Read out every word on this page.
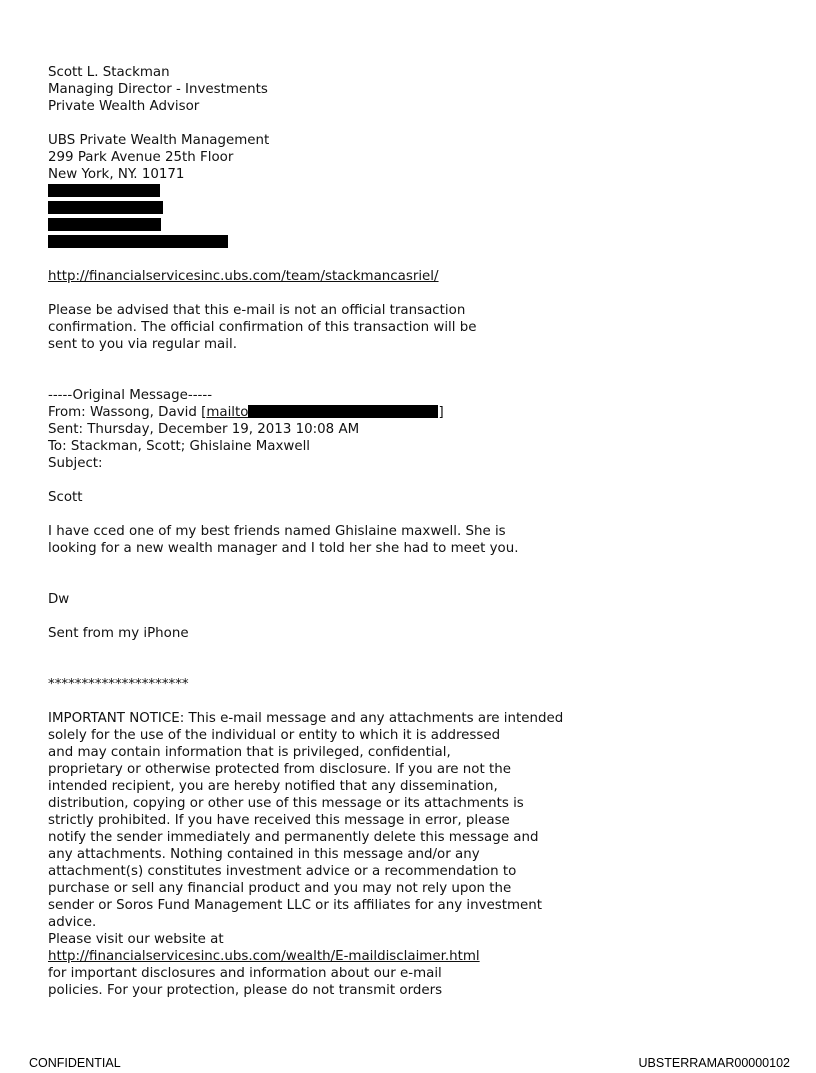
Scott L. Stackman
Managing Director - Investments
Private Wealth Advisor
UBS Private Wealth Management
299 Park Avenue 25th Floor
New York, NY. 10171
http://financialservicesinc.ubs.com/team/stackmancasriel/
Please be advised that this e-mail is not an official transaction
confirmation. The official confirmation of this transaction will be
sent to you via regular mail.
-----Original Message-----
From: Wassong, David [mailto	]
Sent: Thursday, December 19, 2013 10:08 AM
To: Stackman, Scott; Ghislaine Maxwell
Subject:
Scott
I have cced one of my best friends named Ghislaine maxwell. She is
looking for a new wealth manager and I told her she had to meet you.
Dw
Sent from my iPhone
*********************
IMPORTANT NOTICE: This e-mail message and any attachments are intended
solely for the use of the individual or entity to which it is addressed
and may contain information that is privileged, confidential,
proprietary or otherwise protected from disclosure. If you are not the
intended recipient, you are hereby notified that any dissemination,
distribution, copying or other use of this message or its attachments is
strictly prohibited. If you have received this message in error, please
notify the sender immediately and permanently delete this message and
any attachments. Nothing contained in this message and/or any
attachment(s) constitutes investment advice or a recommendation to
purchase or sell any financial product and you may not rely upon the
sender or Soros Fund Management LLC or its affiliates for any investment
advice.
Please visit our website at
http://financialservicesinc.ubs.com/wealth/E-maildisclaimer.html
for important disclosures and information about our e-mail
policies. For your protection, please do not transmit orders
CONFIDENTIAL	UBSTERRAMAR00000102
